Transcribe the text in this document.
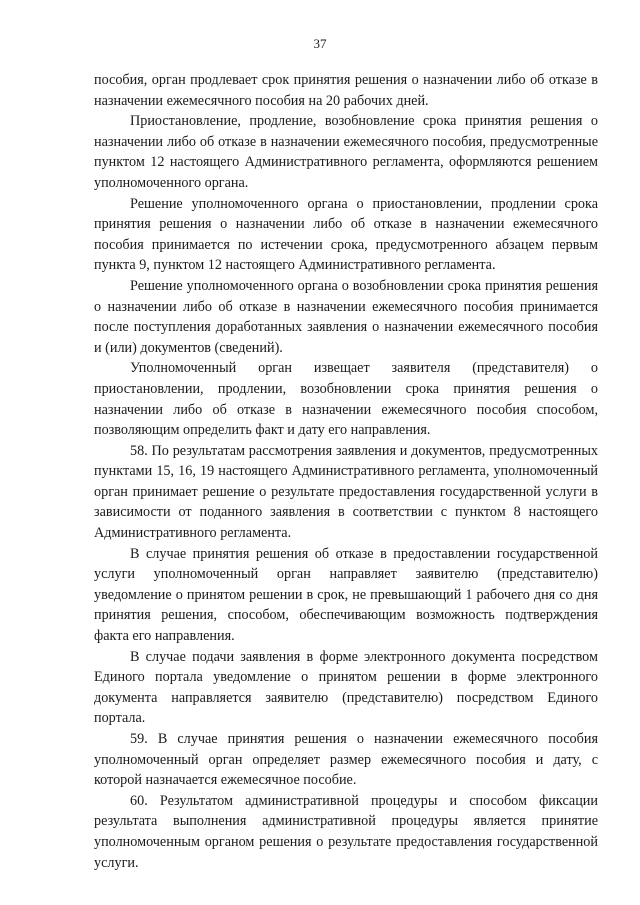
37

пособия, орган продлевает срок принятия решения о назначении либо об отказе в назначении ежемесячного пособия на 20 рабочих дней.

Приостановление, продление, возобновление срока принятия решения о назначении либо об отказе в назначении ежемесячного пособия, предусмотренные пунктом 12 настоящего Административного регламента, оформляются решением уполномоченного органа.

Решение уполномоченного органа о приостановлении, продлении срока принятия решения о назначении либо об отказе в назначении ежемесячного пособия принимается по истечении срока, предусмотренного абзацем первым пункта 9, пунктом 12 настоящего Административного регламента.

Решение уполномоченного органа о возобновлении срока принятия решения о назначении либо об отказе в назначении ежемесячного пособия принимается после поступления доработанных заявления о назначении ежемесячного пособия и (или) документов (сведений).

Уполномоченный орган извещает заявителя (представителя) о приостановлении, продлении, возобновлении срока принятия решения о назначении либо об отказе в назначении ежемесячного пособия способом, позволяющим определить факт и дату его направления.

58. По результатам рассмотрения заявления и документов, предусмотренных пунктами 15, 16, 19 настоящего Административного регламента, уполномоченный орган принимает решение о результате предоставления государственной услуги в зависимости от поданного заявления в соответствии с пунктом 8 настоящего Административного регламента.

В случае принятия решения об отказе в предоставлении государственной услуги уполномоченный орган направляет заявителю (представителю) уведомление о принятом решении в срок, не превышающий 1 рабочего дня со дня принятия решения, способом, обеспечивающим возможность подтверждения факта его направления.

В случае подачи заявления в форме электронного документа посредством Единого портала уведомление о принятом решении в форме электронного документа направляется заявителю (представителю) посредством Единого портала.

59. В случае принятия решения о назначении ежемесячного пособия уполномоченный орган определяет размер ежемесячного пособия и дату, с которой назначается ежемесячное пособие.

60. Результатом административной процедуры и способом фиксации результата выполнения административной процедуры является принятие уполномоченным органом решения о результате предоставления государственной услуги.
